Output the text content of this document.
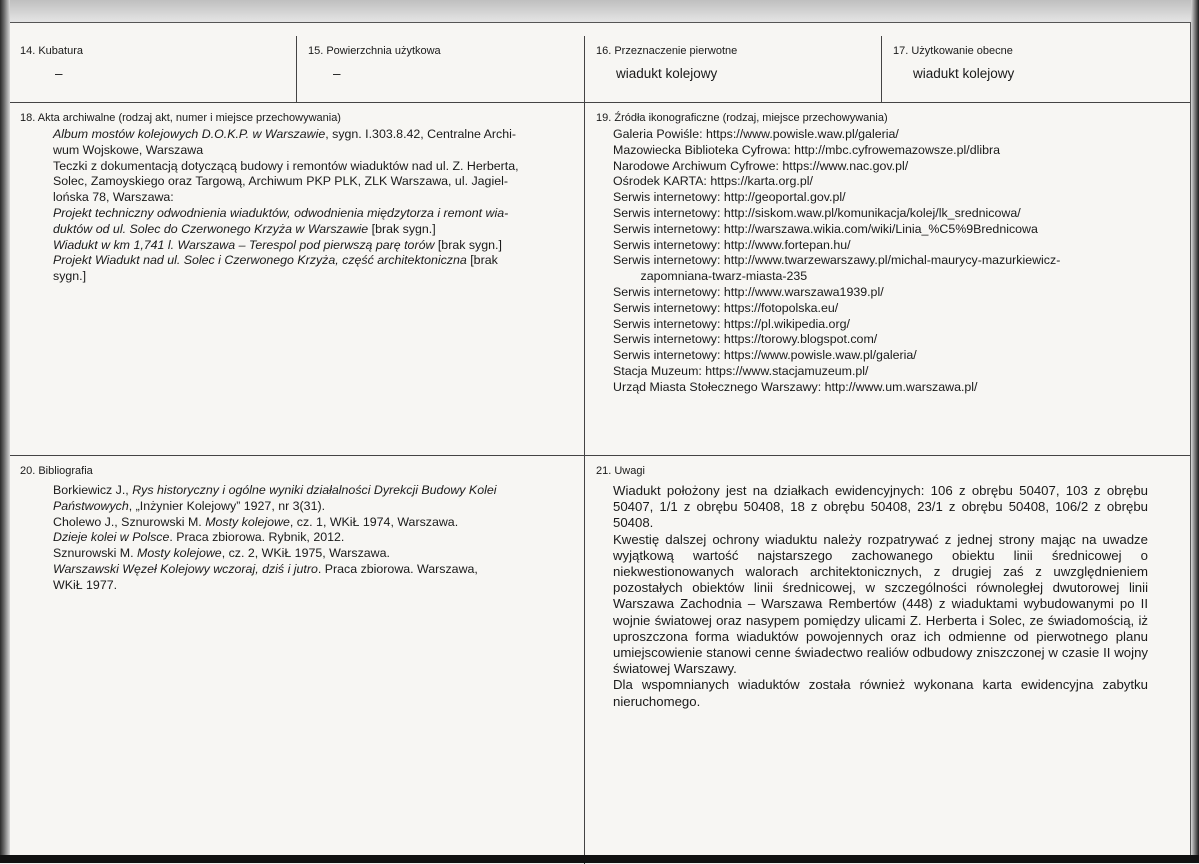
14. Kubatura
–
15. Powierzchnia użytkowa
–
16. Przeznaczenie pierwotne
wiadukt kolejowy
17. Użytkowanie obecne
wiadukt kolejowy
18. Akta archiwalne (rodzaj akt, numer i miejsce przechowywania)

Album mostów kolejowych D.O.K.P. w Warszawie, sygn. I.303.8.42, Centralne Archi-

wum Wojskowe, Warszawa

Teczki z dokumentacją dotyczącą budowy i remontów wiaduktów nad ul. Z. Herberta,

Solec, Zamoyskiego oraz Targową, Archiwum PKP PLK, ZLK Warszawa, ul. Jagiel-

lońska 78, Warszawa:

Projekt techniczny odwodnienia wiaduktów, odwodnienia międzytorza i remont wia-

duktów od ul. Solec do Czerwonego Krzyża w Warszawie [brak sygn.]

Wiadukt w km 1,741 l. Warszawa – Terespol pod pierwszą parę torów [brak sygn.]

Projekt Wiadukt nad ul. Solec i Czerwonego Krzyża, część architektoniczna [brak

sygn.]

19. Źródła ikonograficzne (rodzaj, miejsce przechowywania)

Galeria Powiśle: https://www.powisle.waw.pl/galeria/

Mazowiecka Biblioteka Cyfrowa: http://mbc.cyfrowemazowsze.pl/dlibra

Narodowe Archiwum Cyfrowe: https://www.nac.gov.pl/

Ośrodek KARTA: https://karta.org.pl/

Serwis internetowy: http://geoportal.gov.pl/

Serwis internetowy: http://siskom.waw.pl/komunikacja/kolej/lk_srednicowa/

Serwis internetowy: http://warszawa.wikia.com/wiki/Linia_%C5%9Brednicowa

Serwis internetowy: http://www.fortepan.hu/

Serwis internetowy: http://www.twarzewarszawy.pl/michal-maurycy-mazurkiewicz-

zapomniana-twarz-miasta-235

Serwis internetowy: http://www.warszawa1939.pl/

Serwis internetowy: https://fotopolska.eu/

Serwis internetowy: https://pl.wikipedia.org/

Serwis internetowy: https://torowy.blogspot.com/

Serwis internetowy: https://www.powisle.waw.pl/galeria/

Stacja Muzeum: https://www.stacjamuzeum.pl/

Urząd Miasta Stołecznego Warszawy: http://www.um.warszawa.pl/

20. Bibliografia

Borkiewicz J., Rys historyczny i ogólne wyniki działalności Dyrekcji Budowy Kolei

Państwowych, „Inżynier Kolejowy” 1927, nr 3(31).

Cholewo J., Sznurowski M. Mosty kolejowe, cz. 1, WKiŁ 1974, Warszawa.

Dzieje kolei w Polsce. Praca zbiorowa. Rybnik, 2012.

Sznurowski M. Mosty kolejowe, cz. 2, WKiŁ 1975, Warszawa.

Warszawski Węzeł Kolejowy wczoraj, dziś i jutro. Praca zbiorowa. Warszawa,

WKiŁ 1977.

21. Uwagi

Wiadukt położony jest na działkach ewidencyjnych: 106 z obrębu 50407, 103 z obrębu 50407, 1/1 z obrębu 50408, 18 z obrębu 50408, 23/1 z obrębu 50408, 106/2 z obrębu 50408.

Kwestię dalszej ochrony wiaduktu należy rozpatrywać z jednej strony mając na uwadze wyjątkową wartość najstarszego zachowanego obiektu linii średnicowej o niekwestionowanych walorach architektonicznych, z drugiej zaś z uwzględnieniem pozostałych obiektów linii średnicowej, w szczególności równoległej dwutorowej linii Warszawa Zachodnia – Warszawa Rembertów (448) z wiaduktami wybudowanymi po II wojnie światowej oraz nasypem pomiędzy ulicami Z. Herberta i Solec, ze świadomością, iż uproszczona forma wiaduktów powojennych oraz ich odmienne od pierwotnego planu umiejscowienie stanowi cenne świadectwo realiów odbudowy zniszczonej w czasie II wojny światowej Warszawy.

Dla wspomnianych wiaduktów została również wykonana karta ewidencyjna zabytku nieruchomego.
